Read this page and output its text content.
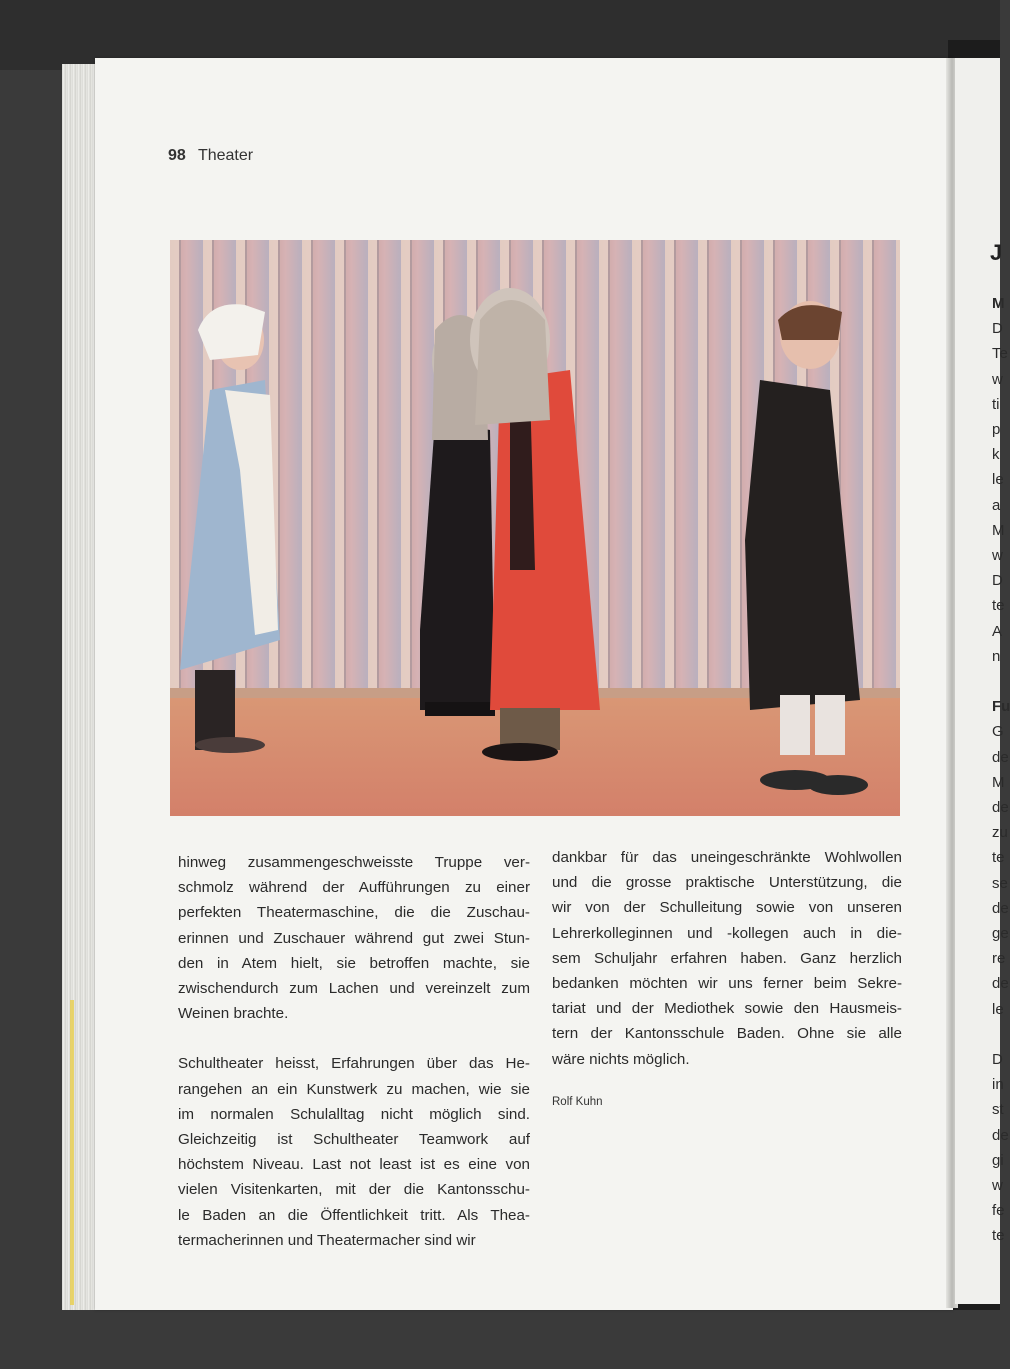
J
M
D
Te
w
ti
p
k
le
a
M
w
D
te
A
n
Fu
G
de
M
de
zu
te
se
de
ge
re
de
le
D
in
st
de
gi
w
fe
te
98 Theater

hinweg zusammengeschweisste Truppe ver-
schmolz während der Aufführungen zu einer
perfekten Theatermaschine, die die Zuschau-
erinnen und Zuschauer während gut zwei Stun-
den in Atem hielt, sie betroffen machte, sie
zwischendurch zum Lachen und vereinzelt zum
Weinen brachte.

Schultheater heisst, Erfahrungen über das He-
rangehen an ein Kunstwerk zu machen, wie sie
im normalen Schulalltag nicht möglich sind.
Gleichzeitig ist Schultheater Teamwork auf
höchstem Niveau. Last not least ist es eine von
vielen Visitenkarten, mit der die Kantonsschu-
le Baden an die Öffentlichkeit tritt. Als Thea-
termacherinnen und Theatermacher sind wir

dankbar für das uneingeschränkte Wohlwollen
und die grosse praktische Unterstützung, die
wir von der Schulleitung sowie von unseren
Lehrerkolleginnen und -kollegen auch in die-
sem Schuljahr erfahren haben. Ganz herzlich
bedanken möchten wir uns ferner beim Sekre-
tariat und der Mediothek sowie den Hausmeis-
tern der Kantonsschule Baden. Ohne sie alle
wäre nichts möglich.

Rolf Kuhn
